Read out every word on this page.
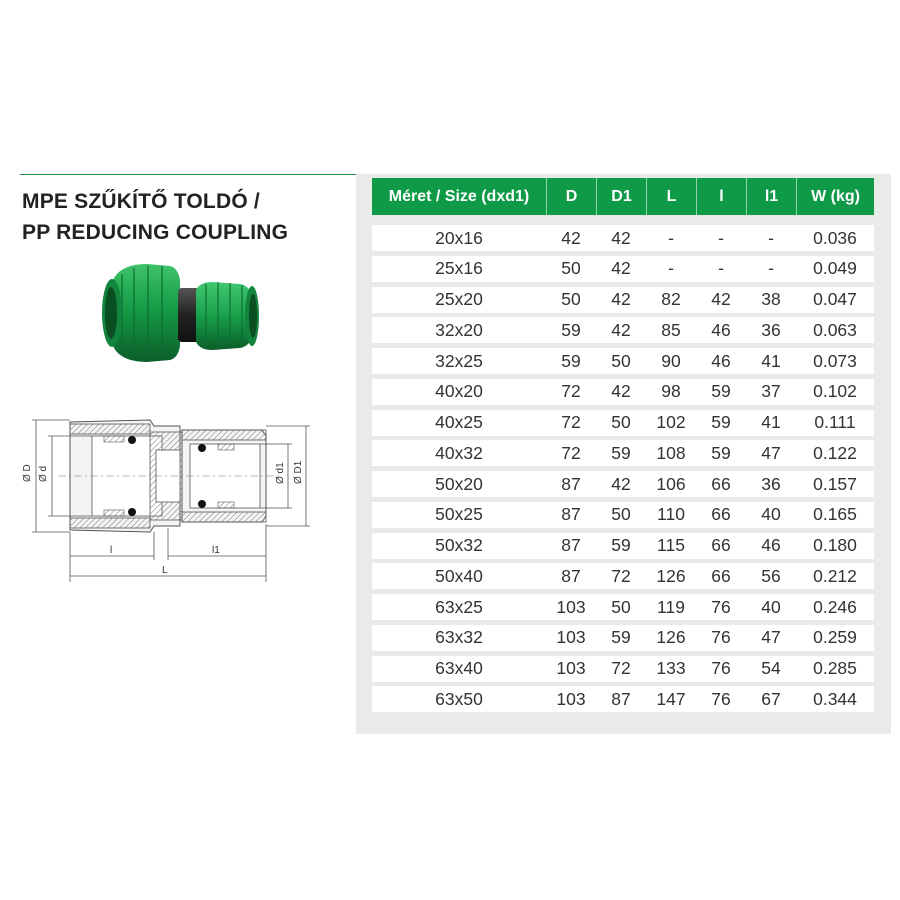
MPE SZŰKÍTŐ TOLDÓ /
PP REDUCING COUPLING
Ø D Ø d	Ø d1 Ø D1
l	l1
L
Méret / Size (dxd1)	D	D1	L	l	l1	W (kg)
20x16	42	42	-	-	-	0.036
25x16	50	42	-	-	-	0.049
25x20	50	42	82	42	38	0.047
32x20	59	42	85	46	36	0.063
32x25	59	50	90	46	41	0.073
40x20	72	42	98	59	37	0.102
40x25	72	50	102	59	41	0.111
40x32	72	59	108	59	47	0.122
50x20	87	42	106	66	36	0.157
50x25	87	50	110	66	40	0.165
50x32	87	59	115	66	46	0.180
50x40	87	72	126	66	56	0.212
63x25	103	50	119	76	40	0.246
63x32	103	59	126	76	47	0.259
63x40	103	72	133	76	54	0.285
63x50	103	87	147	76	67	0.344
